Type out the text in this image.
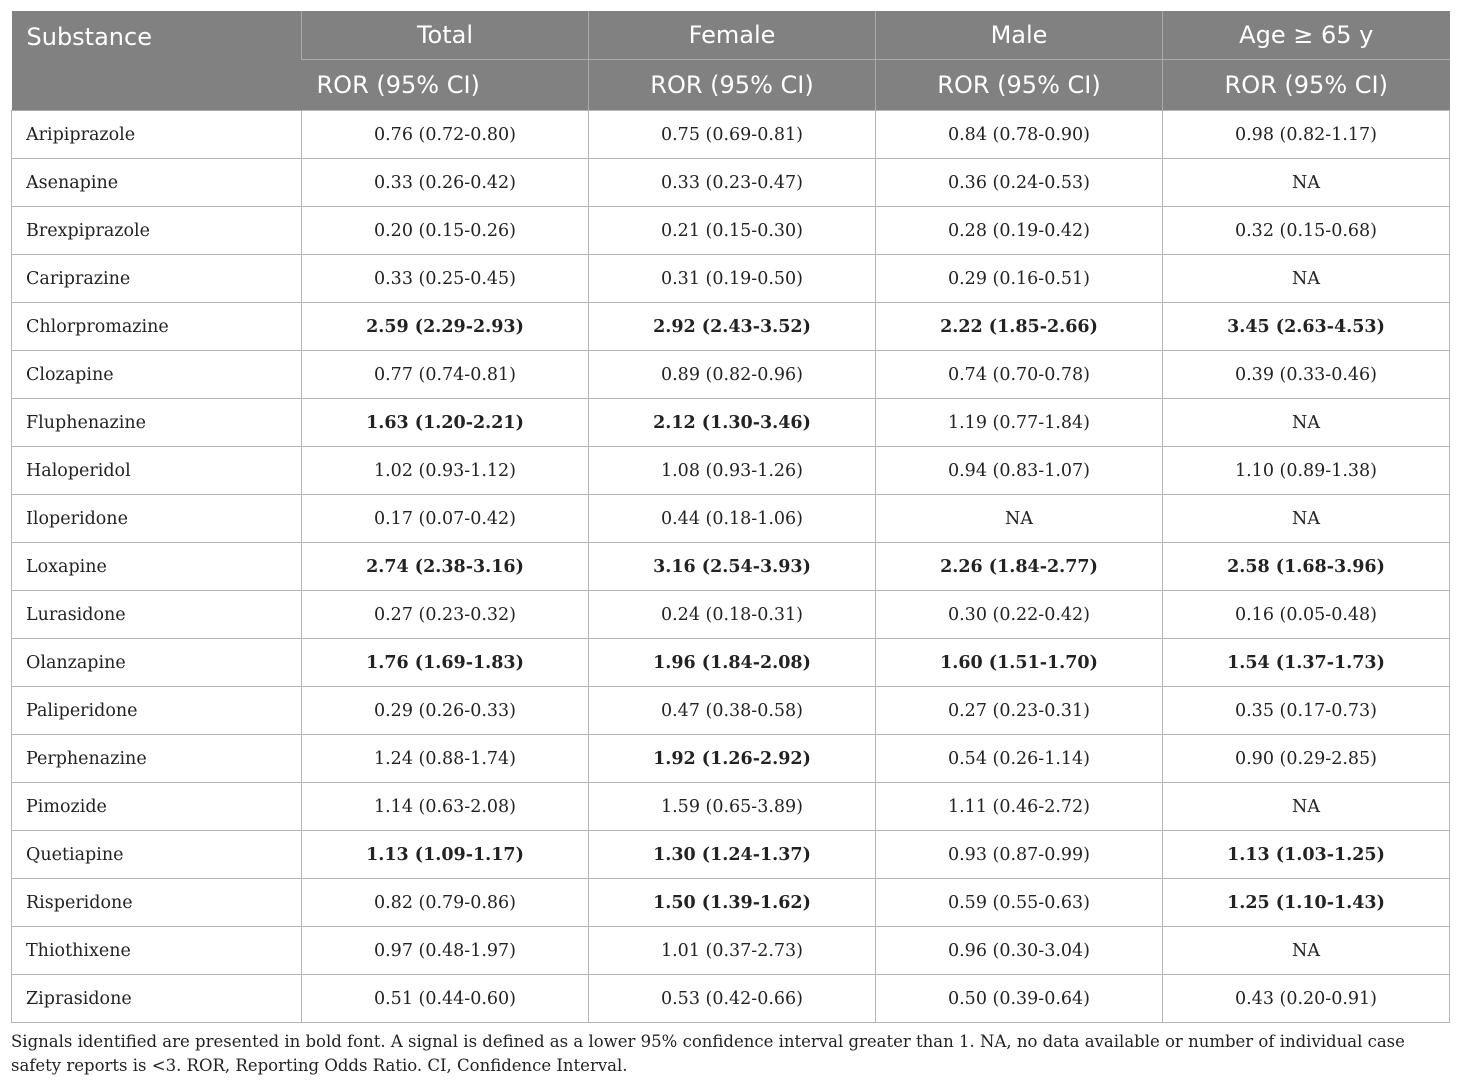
Substance	Total	Female	Male	Age ≥ 65 y
	ROR (95% CI)	ROR (95% CI)	ROR (95% CI)	ROR (95% CI)
Aripiprazole	0.76 (0.72-0.80)	0.75 (0.69-0.81)	0.84 (0.78-0.90)	0.98 (0.82-1.17)
Asenapine	0.33 (0.26-0.42)	0.33 (0.23-0.47)	0.36 (0.24-0.53)	NA
Brexpiprazole	0.20 (0.15-0.26)	0.21 (0.15-0.30)	0.28 (0.19-0.42)	0.32 (0.15-0.68)
Cariprazine	0.33 (0.25-0.45)	0.31 (0.19-0.50)	0.29 (0.16-0.51)	NA
Chlorpromazine	2.59 (2.29-2.93)	2.92 (2.43-3.52)	2.22 (1.85-2.66)	3.45 (2.63-4.53)
Clozapine	0.77 (0.74-0.81)	0.89 (0.82-0.96)	0.74 (0.70-0.78)	0.39 (0.33-0.46)
Fluphenazine	1.63 (1.20-2.21)	2.12 (1.30-3.46)	1.19 (0.77-1.84)	NA
Haloperidol	1.02 (0.93-1.12)	1.08 (0.93-1.26)	0.94 (0.83-1.07)	1.10 (0.89-1.38)
Iloperidone	0.17 (0.07-0.42)	0.44 (0.18-1.06)	NA	NA
Loxapine	2.74 (2.38-3.16)	3.16 (2.54-3.93)	2.26 (1.84-2.77)	2.58 (1.68-3.96)
Lurasidone	0.27 (0.23-0.32)	0.24 (0.18-0.31)	0.30 (0.22-0.42)	0.16 (0.05-0.48)
Olanzapine	1.76 (1.69-1.83)	1.96 (1.84-2.08)	1.60 (1.51-1.70)	1.54 (1.37-1.73)
Paliperidone	0.29 (0.26-0.33)	0.47 (0.38-0.58)	0.27 (0.23-0.31)	0.35 (0.17-0.73)
Perphenazine	1.24 (0.88-1.74)	1.92 (1.26-2.92)	0.54 (0.26-1.14)	0.90 (0.29-2.85)
Pimozide	1.14 (0.63-2.08)	1.59 (0.65-3.89)	1.11 (0.46-2.72)	NA
Quetiapine	1.13 (1.09-1.17)	1.30 (1.24-1.37)	0.93 (0.87-0.99)	1.13 (1.03-1.25)
Risperidone	0.82 (0.79-0.86)	1.50 (1.39-1.62)	0.59 (0.55-0.63)	1.25 (1.10-1.43)
Thiothixene	0.97 (0.48-1.97)	1.01 (0.37-2.73)	0.96 (0.30-3.04)	NA
Ziprasidone	0.51 (0.44-0.60)	0.53 (0.42-0.66)	0.50 (0.39-0.64)	0.43 (0.20-0.91)
Signals identified are presented in bold font. A signal is defined as a lower 95% confidence interval greater than 1. NA, no data available or number of individual case safety reports is <3. ROR, Reporting Odds Ratio. CI, Confidence Interval.
